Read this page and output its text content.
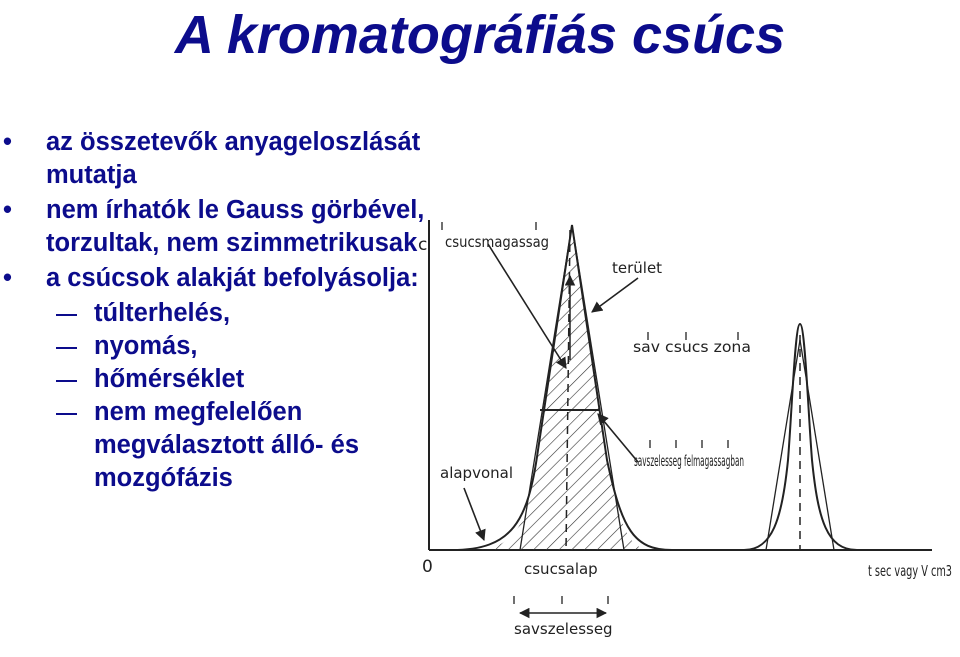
A kromatográfiás csúcs
• az összetevők anyageloszlását mutatja
• nem írhatók le Gauss görbével, torzultak, nem szimmetrikusak
• a csúcsok alakját befolyásolja:
túlterhelés,
nyomás,
hőmérséklet
nem megfelelően megválasztott álló- és mozgófázis
c
0
csucsmagassag
terület
sav csucs zona
alapvonal
savszelesseg felmagassagban
csucsalap
savszelesseg
t sec vagy V cm3
